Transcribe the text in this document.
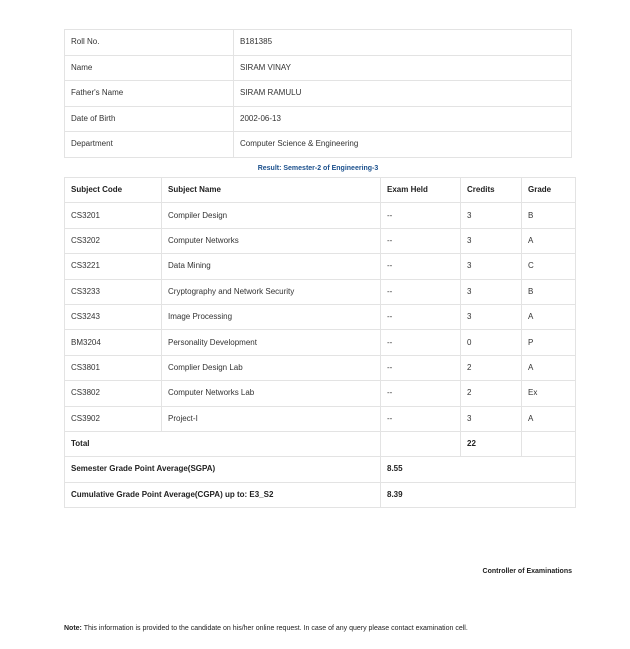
Roll No.	B181385
Name	SIRAM VINAY
Father's Name	SIRAM RAMULU
Date of Birth	2002-06-13
Department	Computer Science & Engineering
Result: Semester-2 of Engineering-3
Subject Code	Subject Name	Exam Held	Credits	Grade
CS3201	Compiler Design	--	3	B
CS3202	Computer Networks	--	3	A
CS3221	Data Mining	--	3	C
CS3233	Cryptography and Network Security	--	3	B
CS3243	Image Processing	--	3	A
BM3204	Personality Development	--	0	P
CS3801	Complier Design Lab	--	2	A
CS3802	Computer Networks Lab	--	2	Ex
CS3902	Project-I	--	3	A
Total			22	
Semester Grade Point Average(SGPA)		8.55		
Cumulative Grade Point Average(CGPA) up to: E3_S2		8.39		
Controller of Examinations
Note: This information is provided to the candidate on his/her online request. In case of any query please contact examination cell.
